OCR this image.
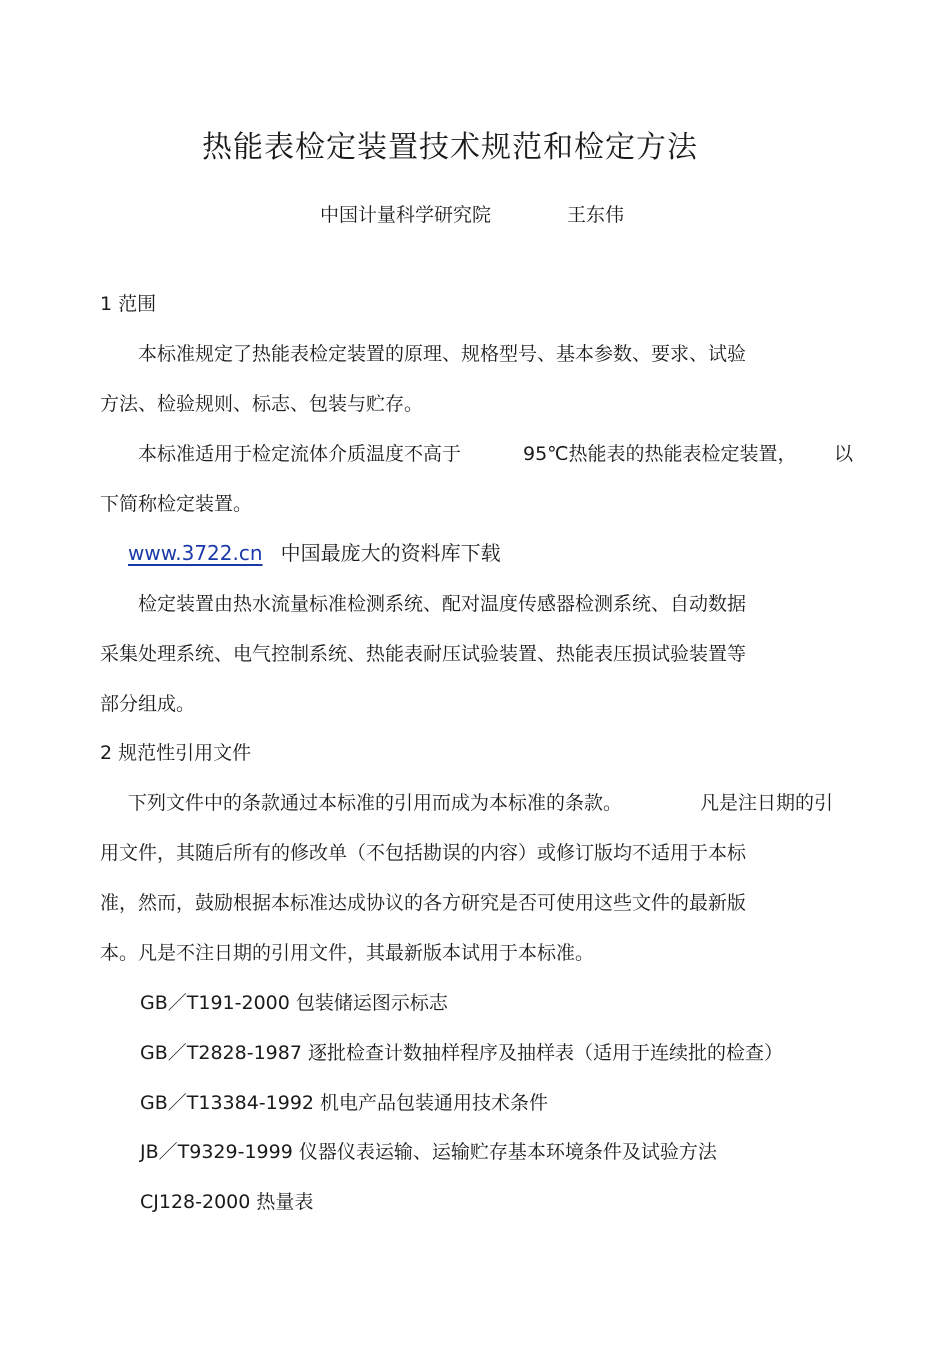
热能表检定装置技术规范和检定方法
中国计量科学研究院	王东伟
1 范围
本标准规定了热能表检定装置的原理、规格型号、基本参数、要求、试验
方法、检验规则、标志、包装与贮存。
本标准适用于检定流体介质温度不高于	95℃热能表的热能表检定装置， 以
下简称检定装置。
www.3722.cn 中国最庞大的资料库下载
检定装置由热水流量标准检测系统、配对温度传感器检测系统、自动数据
采集处理系统、电气控制系统、热能表耐压试验装置、热能表压损试验装置等
部分组成。
2 规范性引用文件
下列文件中的条款通过本标准的引用而成为本标准的条款。	凡是注日期的引
用文件，其随后所有的修改单（不包括勘误的内容）或修订版均不适用于本标
准，然而，鼓励根据本标准达成协议的各方研究是否可使用这些文件的最新版
本。凡是不注日期的引用文件，其最新版本试用于本标准。
GB／T191-2000 包装储运图示标志
GB／T2828-1987 逐批检查计数抽样程序及抽样表（适用于连续批的检查）
GB／T13384-1992 机电产品包装通用技术条件
JB／T9329-1999 仪器仪表运输、运输贮存基本环境条件及试验方法
CJ128-2000 热量表
